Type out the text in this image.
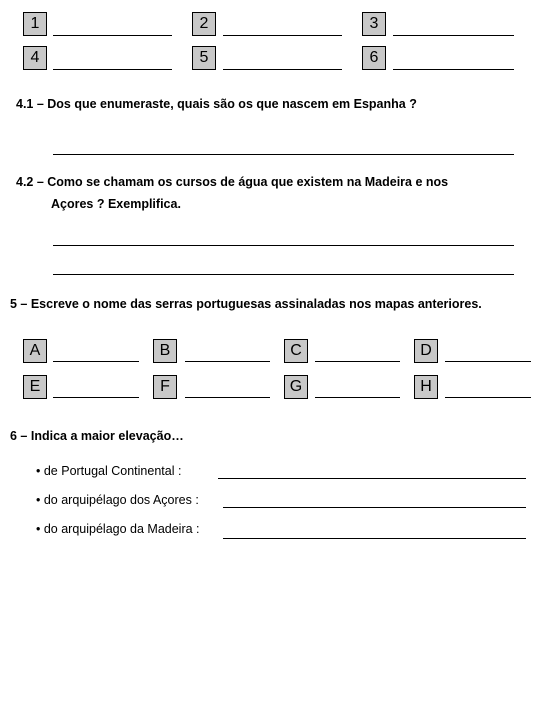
1	2	3
4	5	6
4.1 – Dos que enumeraste, quais são os que nascem em Espanha ?
4.2 – Como se chamam os cursos de água que existem na Madeira e nos
Açores ? Exemplifica.
5 – Escreve o nome das serras portuguesas assinaladas nos mapas anteriores.
A	B	C	D
E	F	G	H
6 – Indica a maior elevação…
• de Portugal Continental :
• do arquipélago dos Açores :
• do arquipélago da Madeira :
